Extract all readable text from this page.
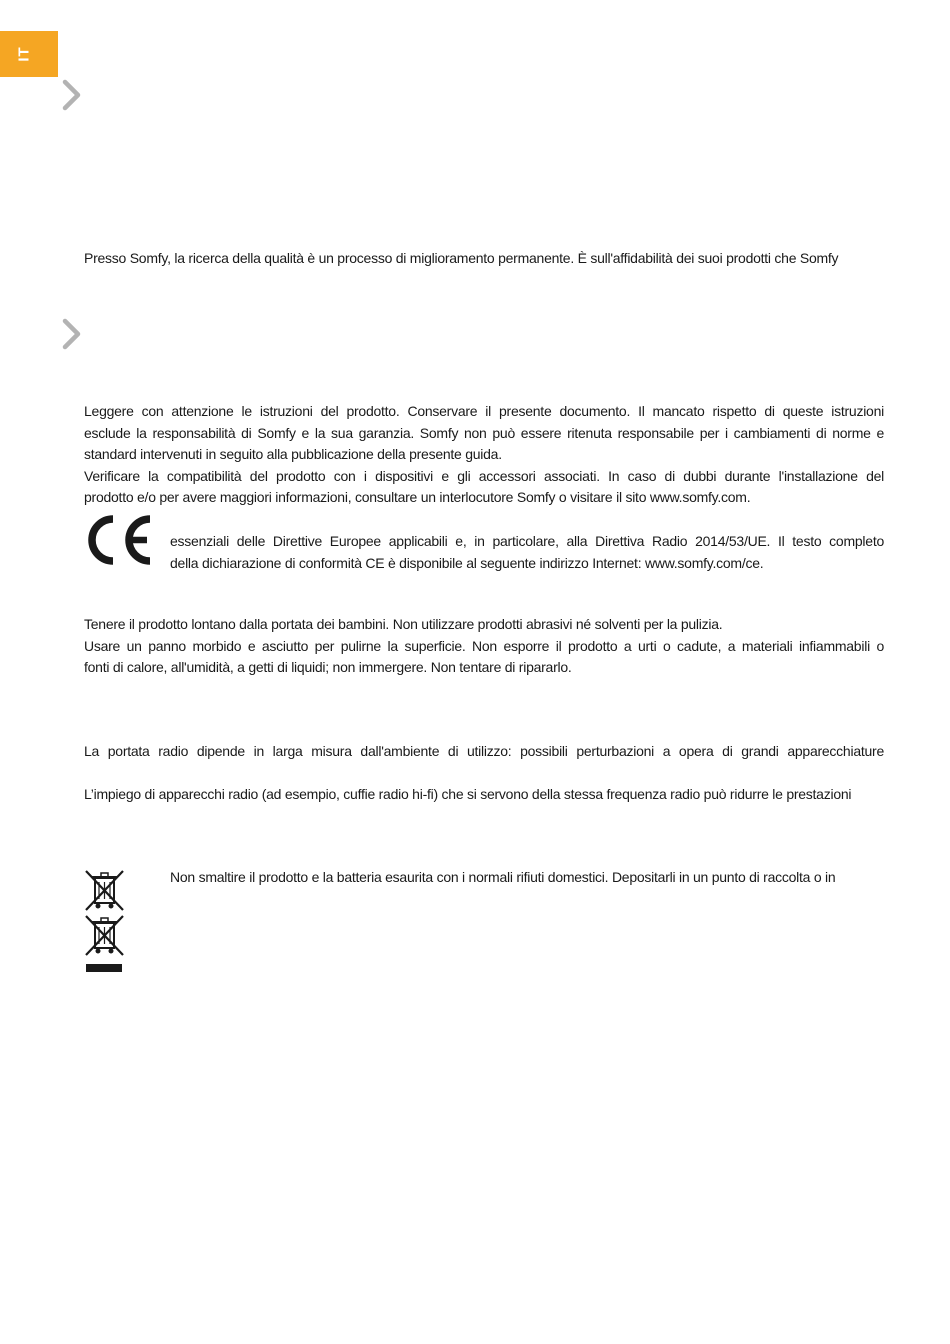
IT

Presso Somfy, la ricerca della qualità è un processo di miglioramento permanente. È sull'affidabilità dei suoi prodotti che Somfy

Leggere con attenzione le istruzioni del prodotto. Conservare il presente documento. Il mancato rispetto di queste istruzioni
esclude la responsabilità di Somfy e la sua garanzia. Somfy non può essere ritenuta responsabile per i cambiamenti di norme e
standard intervenuti in seguito alla pubblicazione della presente guida.
Verificare la compatibilità del prodotto con i dispositivi e gli accessori associati. In caso di dubbi durante l'installazione del
prodotto e/o per avere maggiori informazioni, consultare un interlocutore Somfy o visitare il sito www.somfy.com.
essenziali delle Direttive Europee applicabili e, in particolare, alla Direttiva Radio 2014/53/UE. Il testo completo
della dichiarazione di conformità CE è disponibile al seguente indirizzo Internet: www.somfy.com/ce.
Tenere il prodotto lontano dalla portata dei bambini. Non utilizzare prodotti abrasivi né solventi per la pulizia.
Usare un panno morbido e asciutto per pulirne la superficie. Non esporre il prodotto a urti o cadute, a materiali infiammabili o
fonti di calore, all'umidità, a getti di liquidi; non immergere. Non tentare di ripararlo.

La portata radio dipende in larga misura dall'ambiente di utilizzo: possibili perturbazioni a opera di grandi apparecchiature

L’impiego di apparecchi radio (ad esempio, cuffie radio hi-fi) che si servono della stessa frequenza radio può ridurre le prestazioni

Non smaltire il prodotto e la batteria esaurita con i normali rifiuti domestici. Depositarli in un punto di raccolta o in
